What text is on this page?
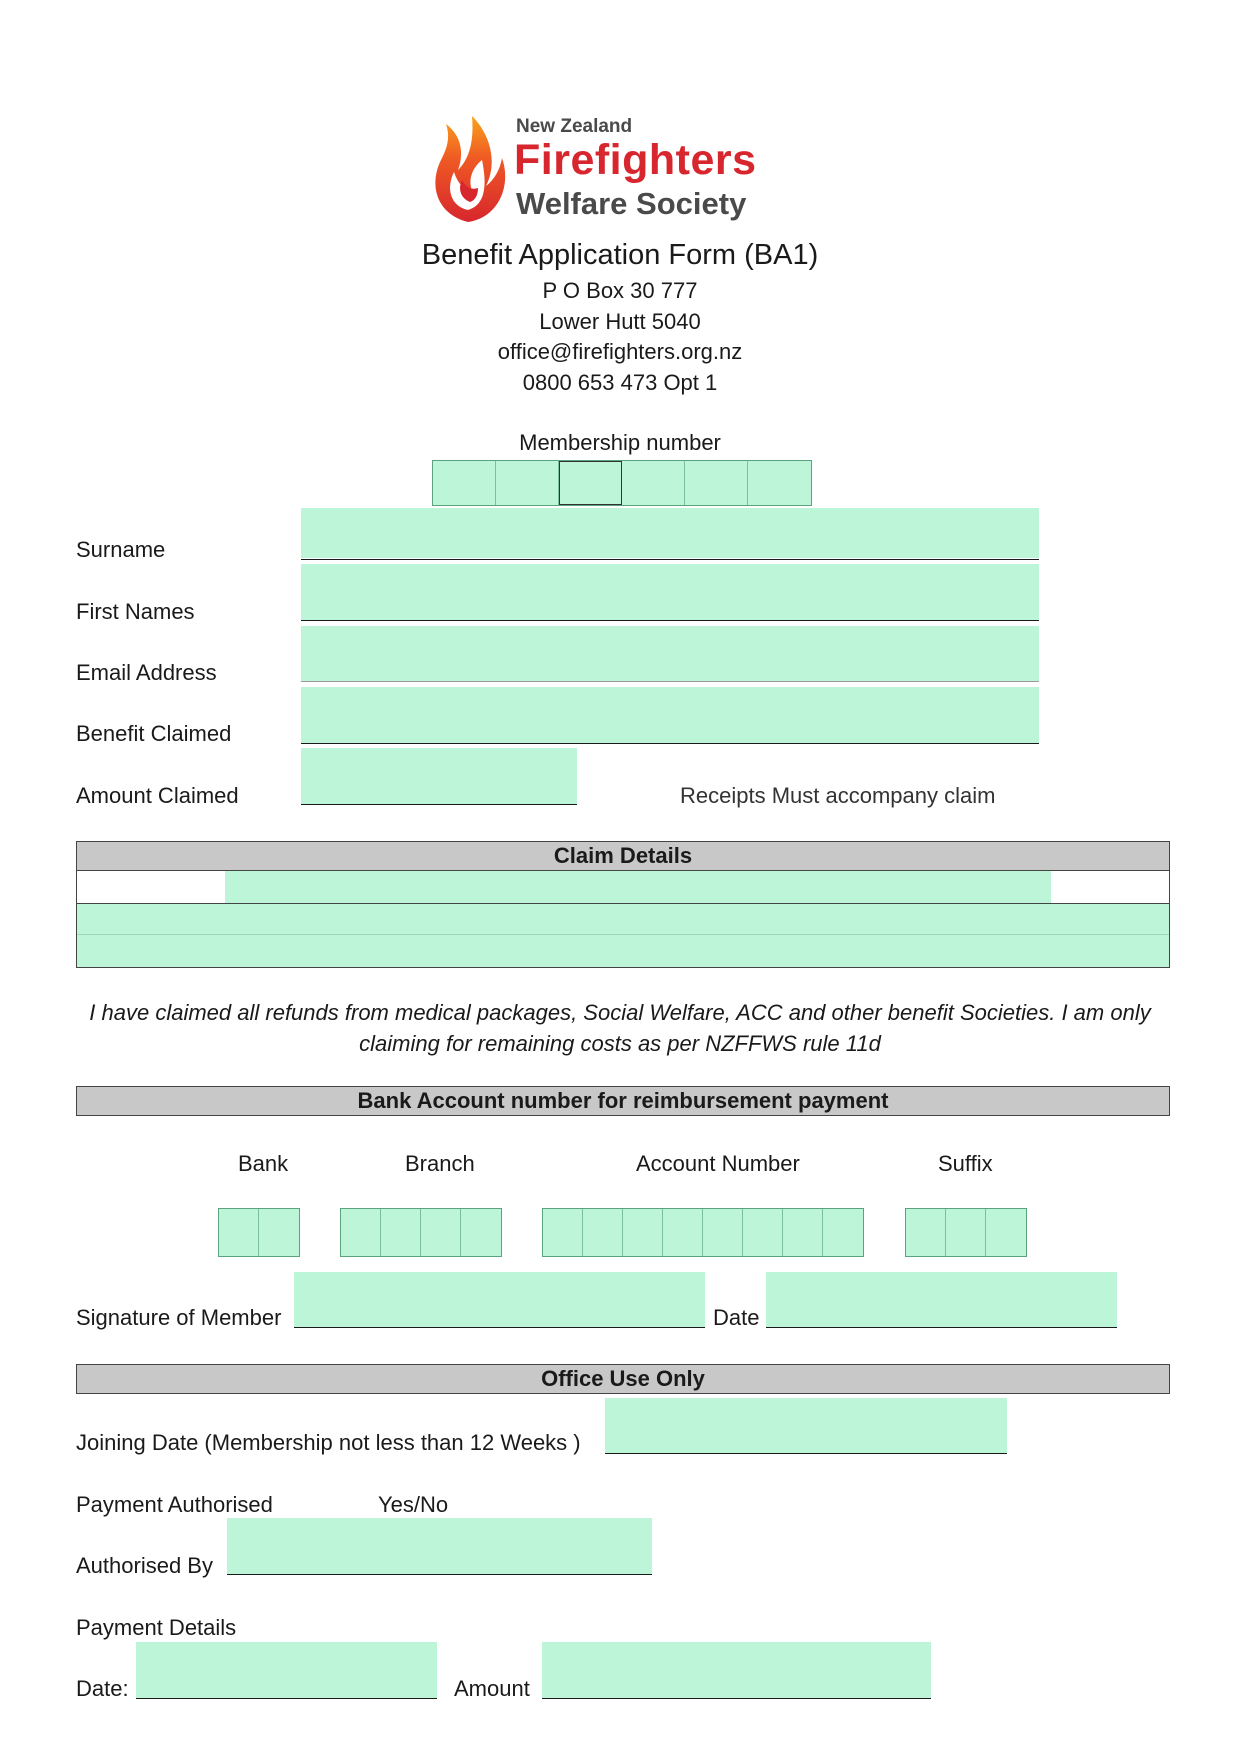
New Zealand
Firefighters
Welfare Society
Benefit Application Form (BA1)
P O Box 30 777
Lower Hutt 5040
office@firefighters.org.nz
0800 653 473 Opt 1
Membership number
Surname
First Names
Email Address
Benefit Claimed
Amount Claimed	Receipts Must accompany claim
Claim Details
I have claimed all refunds from medical packages, Social Welfare, ACC and other benefit Societies. I am only
claiming for remaining costs as per NZFFWS rule 11d
Bank Account number for reimbursement payment
Bank	Branch	Account Number	Suffix
Signature of Member	Date
Office Use Only
Joining Date (Membership not less than 12 Weeks )
Payment Authorised	Yes/No
Authorised By
Payment Details
Date:	Amount
